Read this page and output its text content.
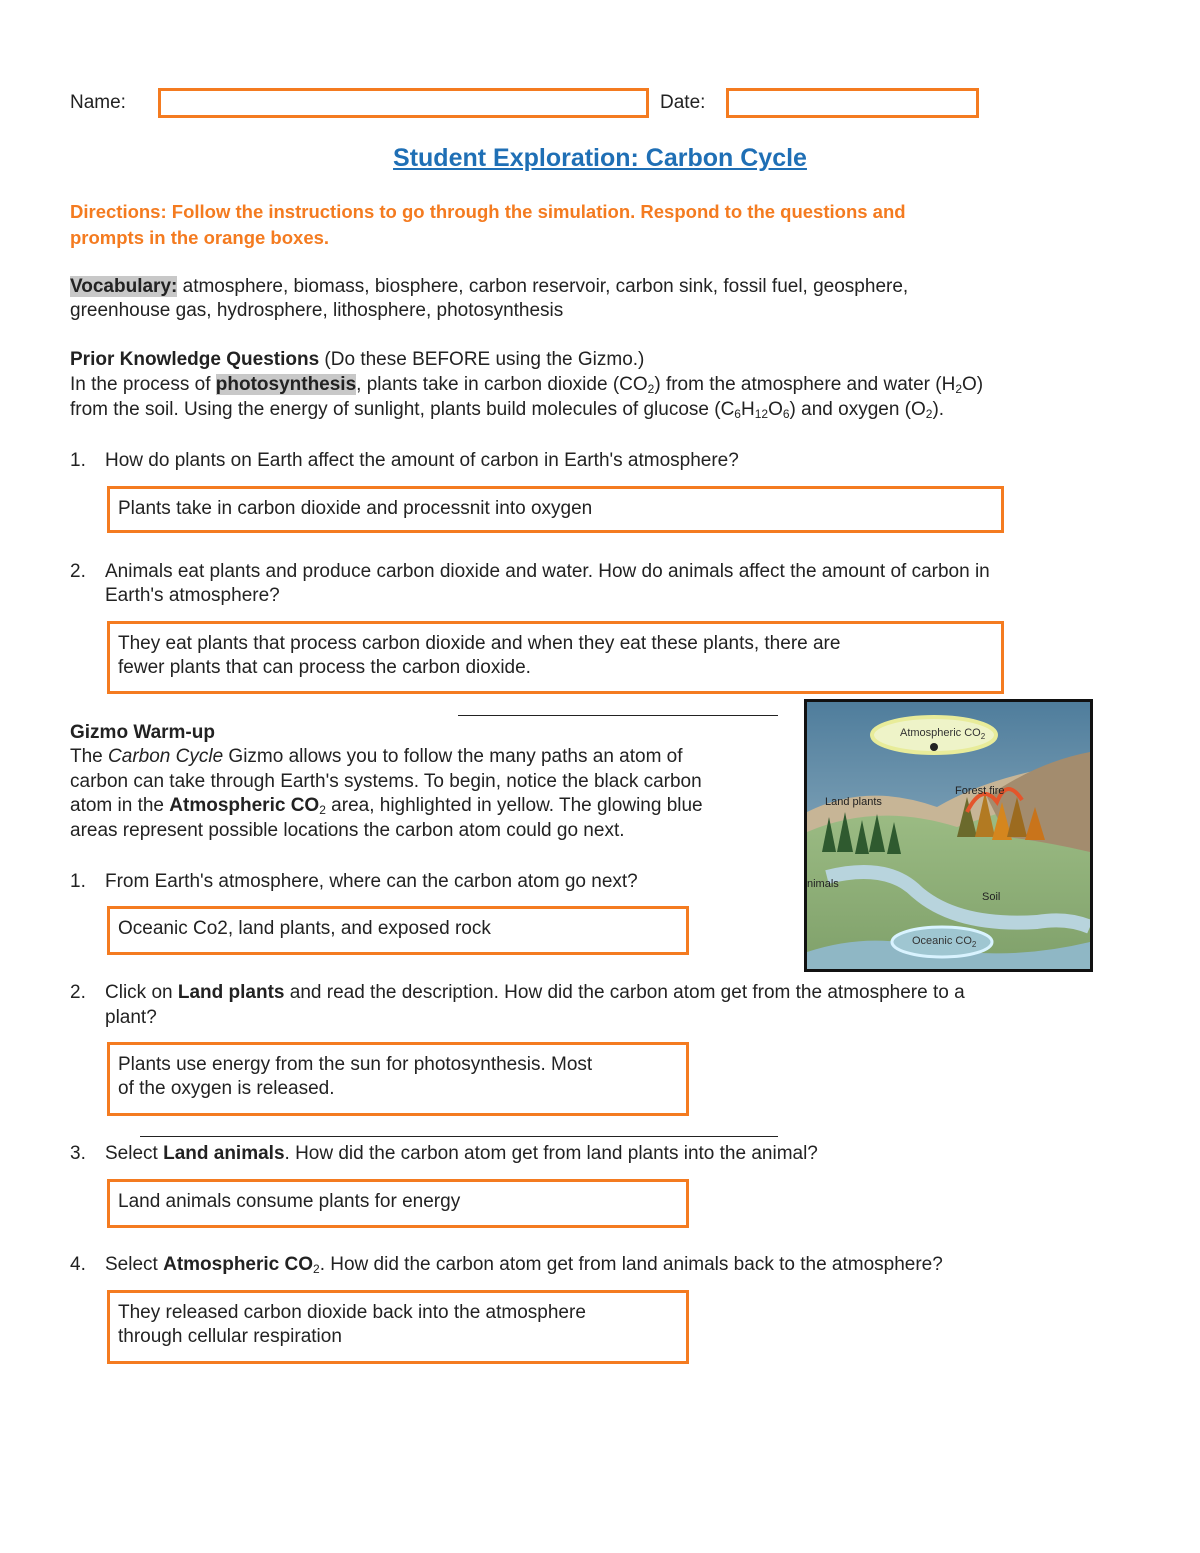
Name:	Date:
Student Exploration: Carbon Cycle
Directions: Follow the instructions to go through the simulation. Respond to the questions and
prompts in the orange boxes.
Vocabulary: atmosphere, biomass, biosphere, carbon reservoir, carbon sink, fossil fuel, geosphere,
greenhouse gas, hydrosphere, lithosphere, photosynthesis
Prior Knowledge Questions (Do these BEFORE using the Gizmo.)
In the process of photosynthesis, plants take in carbon dioxide $(CO_2)$ from the atmosphere and water $(H_2O)$
from the soil. Using the energy of sunlight, plants build molecules of glucose $(C_6H_{12}O_6)$ and oxygen $(O_2)$.
1. How do plants on Earth affect the amount of carbon in Earth's atmosphere?
Plants take in carbon dioxide and processnit into oxygen
2. Animals eat plants and produce carbon dioxide and water. How do animals affect the amount of carbon in
Earth's atmosphere?
They eat plants that process carbon dioxide and when they eat these plants, there are
fewer plants that can process the carbon dioxide.
Gizmo Warm-up
The Carbon Cycle Gizmo allows you to follow the many paths an atom of
carbon can take through Earth's systems. To begin, notice the black carbon
atom in the Atmospheric $CO_2$ area, highlighted in yellow. The glowing blue
areas represent possible locations the carbon atom could go next.
Atmospheric $CO_2$
Forest fire
Land plants
nimals
Soil
Oceanic $CO_2$
1. From Earth's atmosphere, where can the carbon atom go next?
Oceanic Co2, land plants, and exposed rock
2. Click on Land plants and read the description. How did the carbon atom get from the atmosphere to a
plant?
Plants use energy from the sun for photosynthesis. Most
of the oxygen is released.
3. Select Land animals. How did the carbon atom get from land plants into the animal?
Land animals consume plants for energy
4. Select Atmospheric $CO_2$. How did the carbon atom get from land animals back to the atmosphere?
They released carbon dioxide back into the atmosphere
through cellular respiration
